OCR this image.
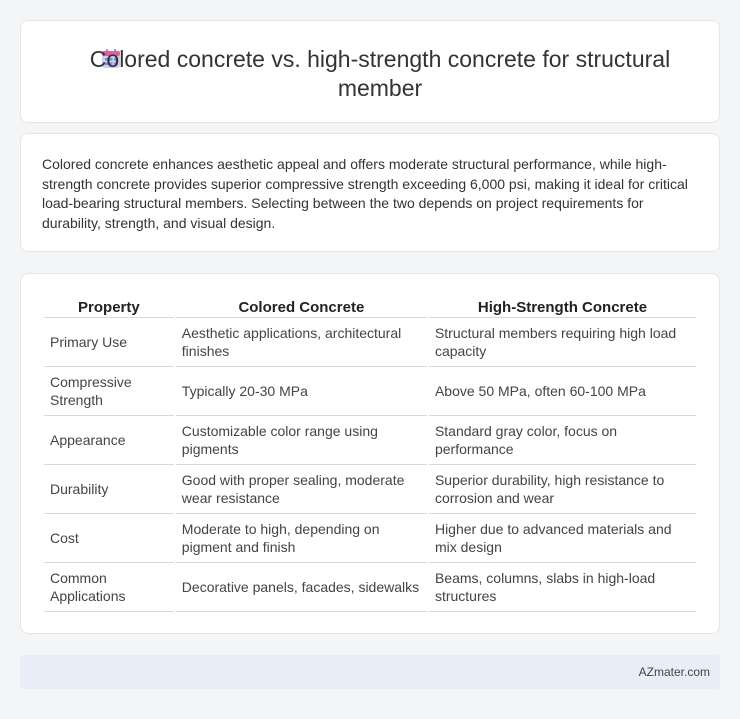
Colored concrete vs. high-strength concrete for structural member

Colored concrete enhances aesthetic appeal and offers moderate structural performance, while high-strength concrete provides superior compressive strength exceeding 6,000 psi, making it ideal for critical load-bearing structural members. Selecting between the two depends on project requirements for durability, strength, and visual design.

Property	Colored Concrete	High-Strength Concrete
Primary Use	Aesthetic applications, architectural finishes	Structural members requiring high load capacity
Compressive Strength	Typically 20-30 MPa	Above 50 MPa, often 60-100 MPa
Appearance	Customizable color range using pigments	Standard gray color, focus on performance
Durability	Good with proper sealing, moderate wear resistance	Superior durability, high resistance to corrosion and wear
Cost	Moderate to high, depending on pigment and finish	Higher due to advanced materials and mix design
Common Applications	Decorative panels, facades, sidewalks	Beams, columns, slabs in high-load structures
AZmater.com
